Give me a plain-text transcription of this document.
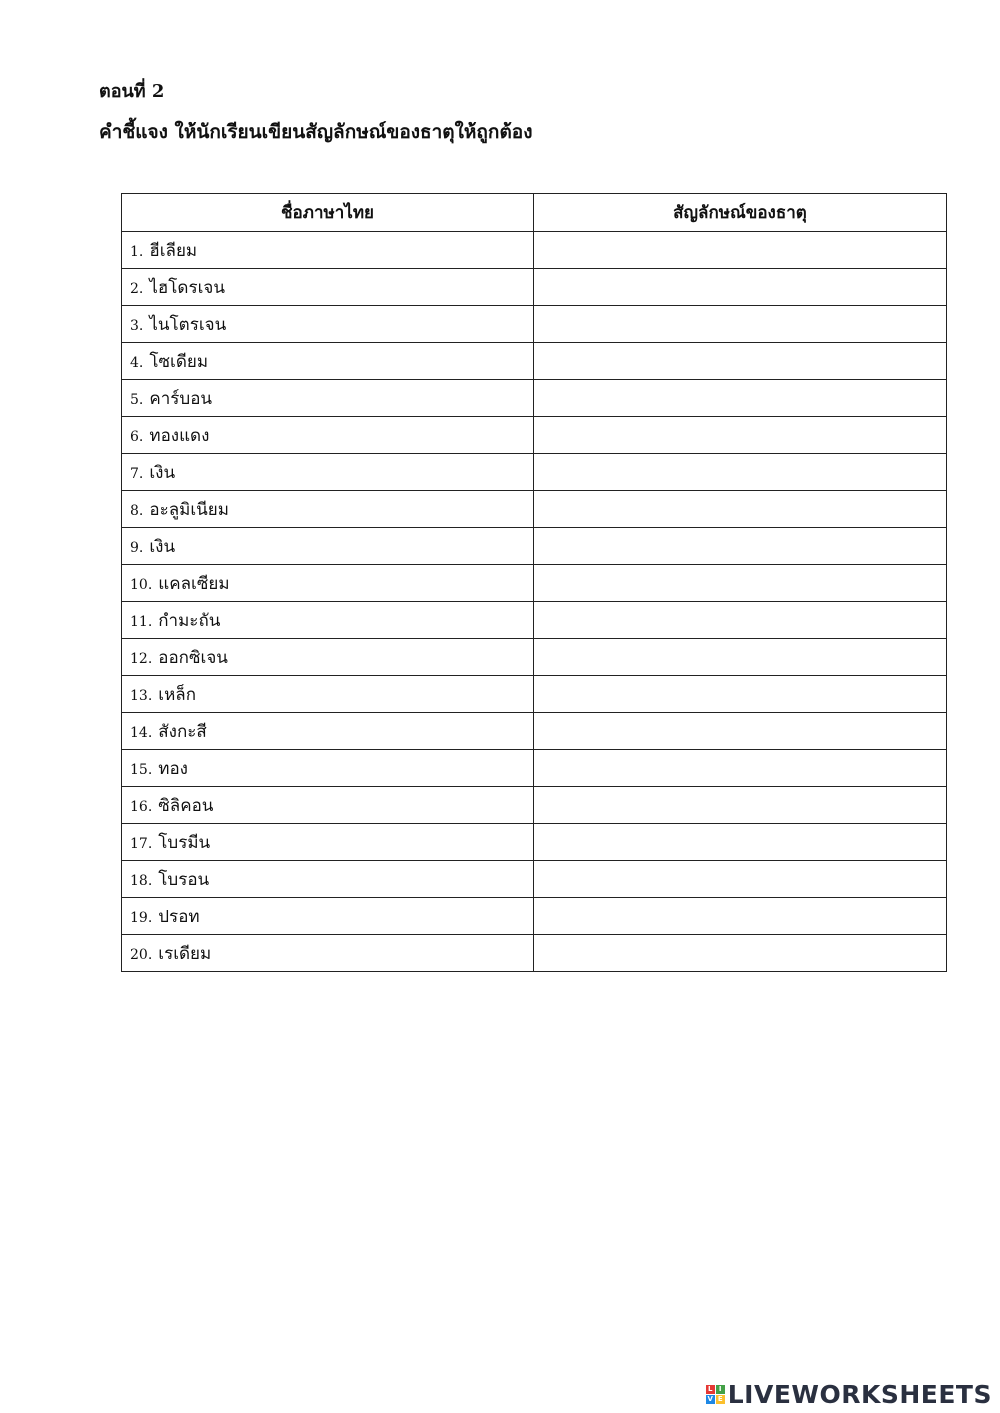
ตอนที่ 2
คำชี้แจง ให้นักเรียนเขียนสัญลักษณ์ของธาตุให้ถูกต้อง
ชื่อภาษาไทย	สัญลักษณ์ของธาตุ
1. ฮีเลียม	
2. ไฮโดรเจน	
3. ไนโตรเจน	
4. โซเดียม	
5. คาร์บอน	
6. ทองแดง	
7. เงิน	
8. อะลูมิเนียม	
9. เงิน	
10. แคลเซียม	
11. กำมะถัน	
12. ออกซิเจน	
13. เหล็ก	
14. สังกะสี	
15. ทอง	
16. ซิลิคอน	
17. โบรมีน	
18. โบรอน	
19. ปรอท	
20. เรเดียม	
L I
V E LIVEWORKSHEETS
